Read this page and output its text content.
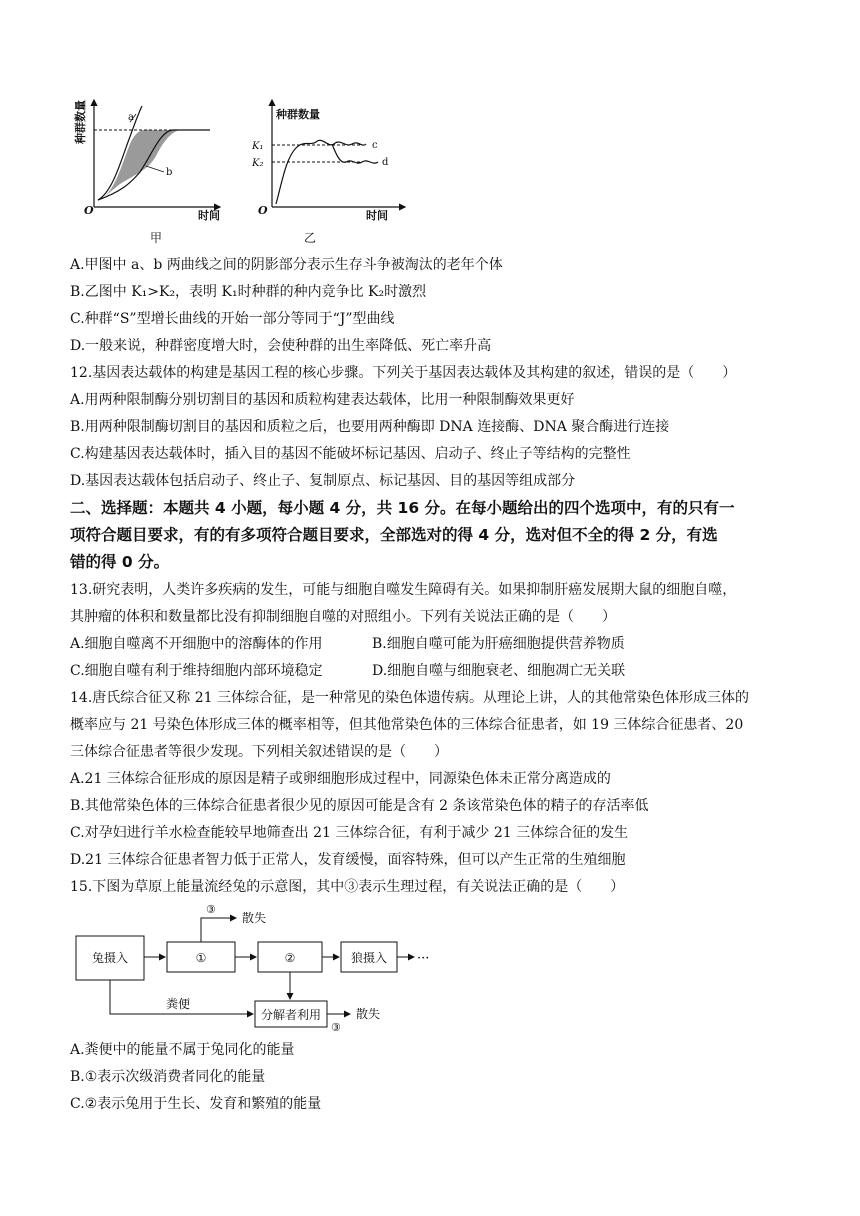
a
b
O	时间
种群数量
甲
c
d
K₁
K₂
O	时间
种群数量
乙
A.甲图中 a、b 两曲线之间的阴影部分表示生存斗争被淘汰的老年个体
B.乙图中 K₁>K₂，表明 K₁时种群的种内竞争比 K₂时激烈
C.种群“S”型增长曲线的开始一部分等同于“J”型曲线
D.一般来说，种群密度增大时，会使种群的出生率降低、死亡率升高
12.基因表达载体的构建是基因工程的核心步骤。下列关于基因表达载体及其构建的叙述，错误的是（　　）
A.用两种限制酶分别切割目的基因和质粒构建表达载体，比用一种限制酶效果更好
B.用两种限制酶切割目的基因和质粒之后，也要用两种酶即 DNA 连接酶、DNA 聚合酶进行连接
C.构建基因表达载体时，插入目的基因不能破坏标记基因、启动子、终止子等结构的完整性
D.基因表达载体包括启动子、终止子、复制原点、标记基因、目的基因等组成部分
二、选择题：本题共 4 小题，每小题 4 分，共 16 分。在每小题给出的四个选项中，有的只有一
项符合题目要求，有的有多项符合题目要求，全部选对的得 4 分，选对但不全的得 2 分，有选
错的得 0 分。
13.研究表明，人类许多疾病的发生，可能与细胞自噬发生障碍有关。如果抑制肝癌发展期大鼠的细胞自噬，
其肿瘤的体积和数量都比没有抑制细胞自噬的对照组小。下列有关说法正确的是（　　）
A.细胞自噬离不开细胞中的溶酶体的作用	B.细胞自噬可能为肝癌细胞提供营养物质
C.细胞自噬有利于维持细胞内部环境稳定	D.细胞自噬与细胞衰老、细胞凋亡无关联
14.唐氏综合征又称 21 三体综合征，是一种常见的染色体遗传病。从理论上讲，人的其他常染色体形成三体的
概率应与 21 号染色体形成三体的概率相等，但其他常染色体的三体综合征患者，如 19 三体综合征患者、20
三体综合征患者等很少发现。下列相关叙述错误的是（　　）
A.21 三体综合征形成的原因是精子或卵细胞形成过程中，同源染色体未正常分离造成的
B.其他常染色体的三体综合征患者很少见的原因可能是含有 2 条该常染色体的精子的存活率低
C.对孕妇进行羊水检查能较早地筛查出 21 三体综合征，有利于减少 21 三体综合征的发生
D.21 三体综合征患者智力低于正常人，发育缓慢，面容特殊，但可以产生正常的生殖细胞
15.下图为草原上能量流经兔的示意图，其中③表示生理过程，有关说法正确的是（　　）
兔摄入	①	②	狼摄入 ···
分解者利用
③
散失
粪便
③
散失
A.粪便中的能量不属于兔同化的能量
B.①表示次级消费者同化的能量
C.②表示兔用于生长、发育和繁殖的能量
